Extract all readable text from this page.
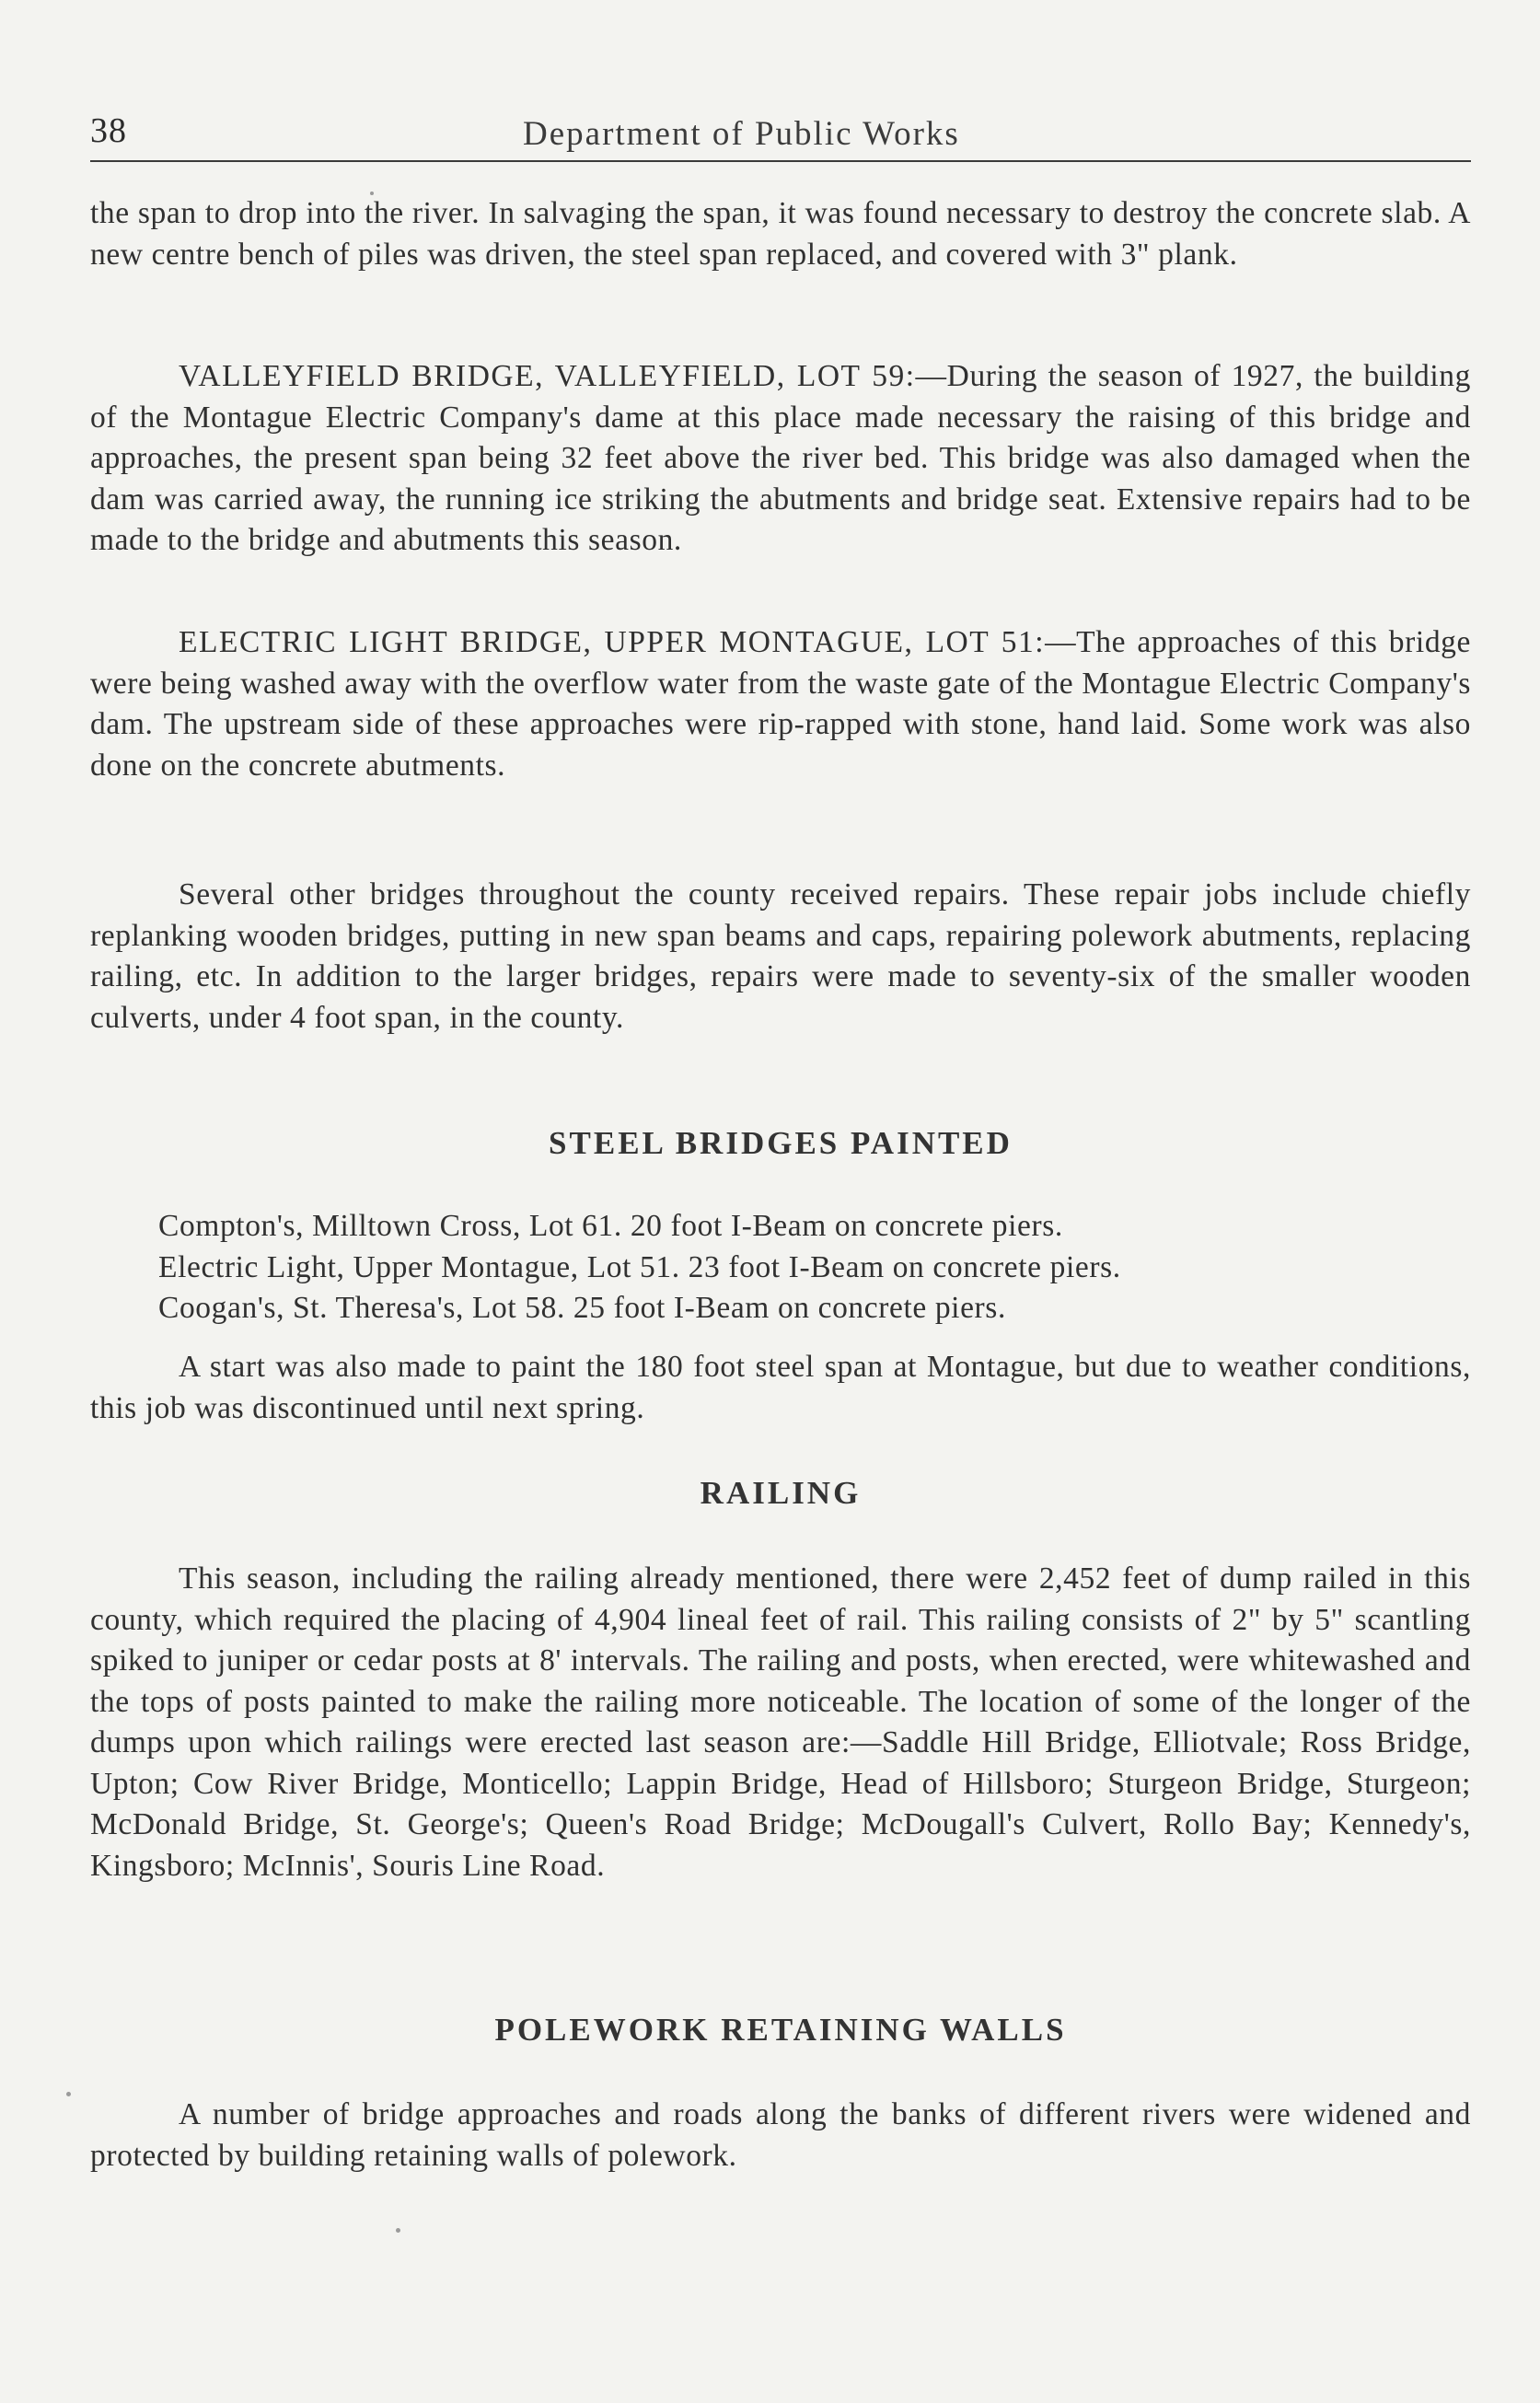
38	Department of Public Works

the span to drop into the river. In salvaging the span, it was found necessary to destroy the concrete slab. A new centre bench of piles was driven, the steel span replaced, and covered with 3" plank.

VALLEYFIELD BRIDGE, VALLEYFIELD, LOT 59:—During the season of 1927, the building of the Montague Electric Company's dame at this place made necessary the raising of this bridge and approaches, the present span being 32 feet above the river bed. This bridge was also damaged when the dam was carried away, the running ice striking the abutments and bridge seat. Extensive repairs had to be made to the bridge and abutments this season.

ELECTRIC LIGHT BRIDGE, UPPER MONTAGUE, LOT 51:—The approaches of this bridge were being washed away with the overflow water from the waste gate of the Montague Electric Company's dam. The upstream side of these approaches were rip-rapped with stone, hand laid. Some work was also done on the concrete abutments.

Several other bridges throughout the county received repairs. These repair jobs include chiefly replanking wooden bridges, putting in new span beams and caps, repairing polework abutments, replacing railing, etc. In addition to the larger bridges, repairs were made to seventy-six of the smaller wooden culverts, under 4 foot span, in the county.

STEEL BRIDGES PAINTED
Compton's, Milltown Cross, Lot 61. 20 foot I-Beam on concrete piers.
Electric Light, Upper Montague, Lot 51. 23 foot I-Beam on concrete piers.
Coogan's, St. Theresa's, Lot 58. 25 foot I-Beam on concrete piers.

A start was also made to paint the 180 foot steel span at Montague, but due to weather conditions, this job was discontinued until next spring.

RAILING

This season, including the railing already mentioned, there were 2,452 feet of dump railed in this county, which required the placing of 4,904 lineal feet of rail. This railing consists of 2" by 5" scantling spiked to juniper or cedar posts at 8' intervals. The railing and posts, when erected, were whitewashed and the tops of posts painted to make the railing more noticeable. The location of some of the longer of the dumps upon which railings were erected last season are:—Saddle Hill Bridge, Elliotvale; Ross Bridge, Upton; Cow River Bridge, Monticello; Lappin Bridge, Head of Hillsboro; Sturgeon Bridge, Sturgeon; McDonald Bridge, St. George's; Queen's Road Bridge; McDougall's Culvert, Rollo Bay; Kennedy's, Kingsboro; McInnis', Souris Line Road.

POLEWORK RETAINING WALLS

A number of bridge approaches and roads along the banks of different rivers were widened and protected by building retaining walls of polework.
